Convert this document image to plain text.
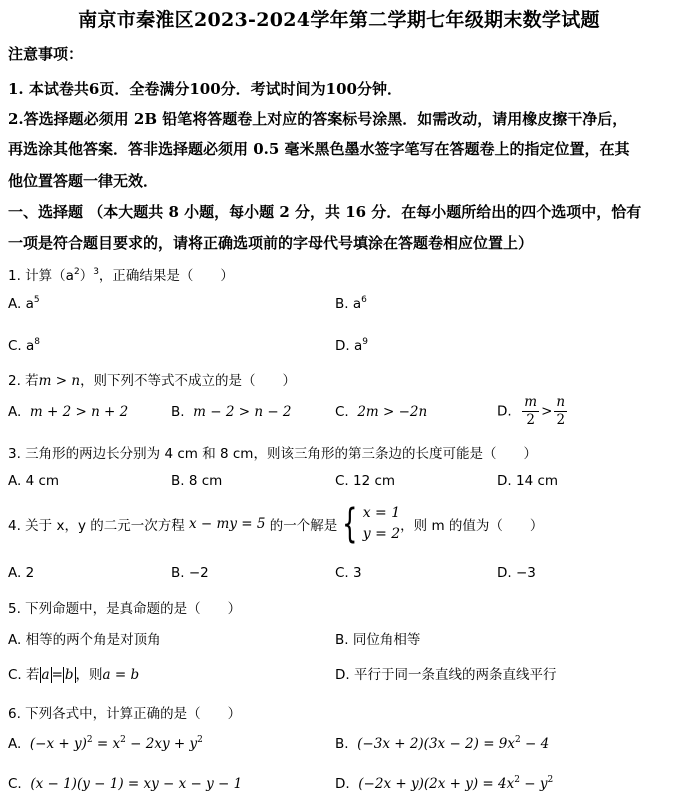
南京市秦淮区2023-2024学年第二学期七年级期末数学试题
注意事项：
1. 本试卷共6页．全卷满分100分．考试时间为100分钟．
2.答选择题必须用 2B 铅笔将答题卷上对应的答案标号涂黑．如需改动，请用橡皮擦干净后，
再选涂其他答案．答非选择题必须用 0.5 毫米黑色墨水签字笔写在答题卷上的指定位置，在其
他位置答题一律无效．
一、选择题 （本大题共 8 小题，每小题 2 分，共 16 分．在每小题所给出的四个选项中，恰有
一项是符合题目要求的，请将正确选项前的字母代号填涂在答题卷相应位置上）
1. 计算$(a^2)^3$，正确结果是（　　）
A. $a^5$	B. $a^6$
C. $a^8$	D. $a^9$
2. 若m > n，则下列不等式不成立的是（　　）
A. m + 2 > n + 2	B. m − 2 > n − 2	C. 2m > −2n	D. $\frac{m}{2} > \frac{n}{2}$
3. 三角形的两边长分别为 4 cm 和 8 cm，则该三角形的第三条边的长度可能是（　　）
A. 4 cm	B. 8 cm	C. 12 cm	D. 14 cm
4. 关于 x，y 的二元一次方程
x − my = 5
的一个解是 { x = 1
y = 2 ，则 m 的值为（　　）
A. 2	B. −2	C. 3	D. −3
5. 下列命题中，是真命题的是（　　）
A. 相等的两个角是对顶角	B. 同位角相等
C. 若 a = b ，则a = b	D. 平行于同一条直线的两条直线平行
6. 下列各式中，计算正确的是（　　）
A. $(-x + y)^2 = x^2 - 2xy + y^2$	B. $(-3x + 2)(3x - 2) = 9x^2 - 4$
C. (x − 1)(y − 1) = xy − x − y − 1	D. $(-2x + y)(2x + y) = 4x^2 - y^2$
